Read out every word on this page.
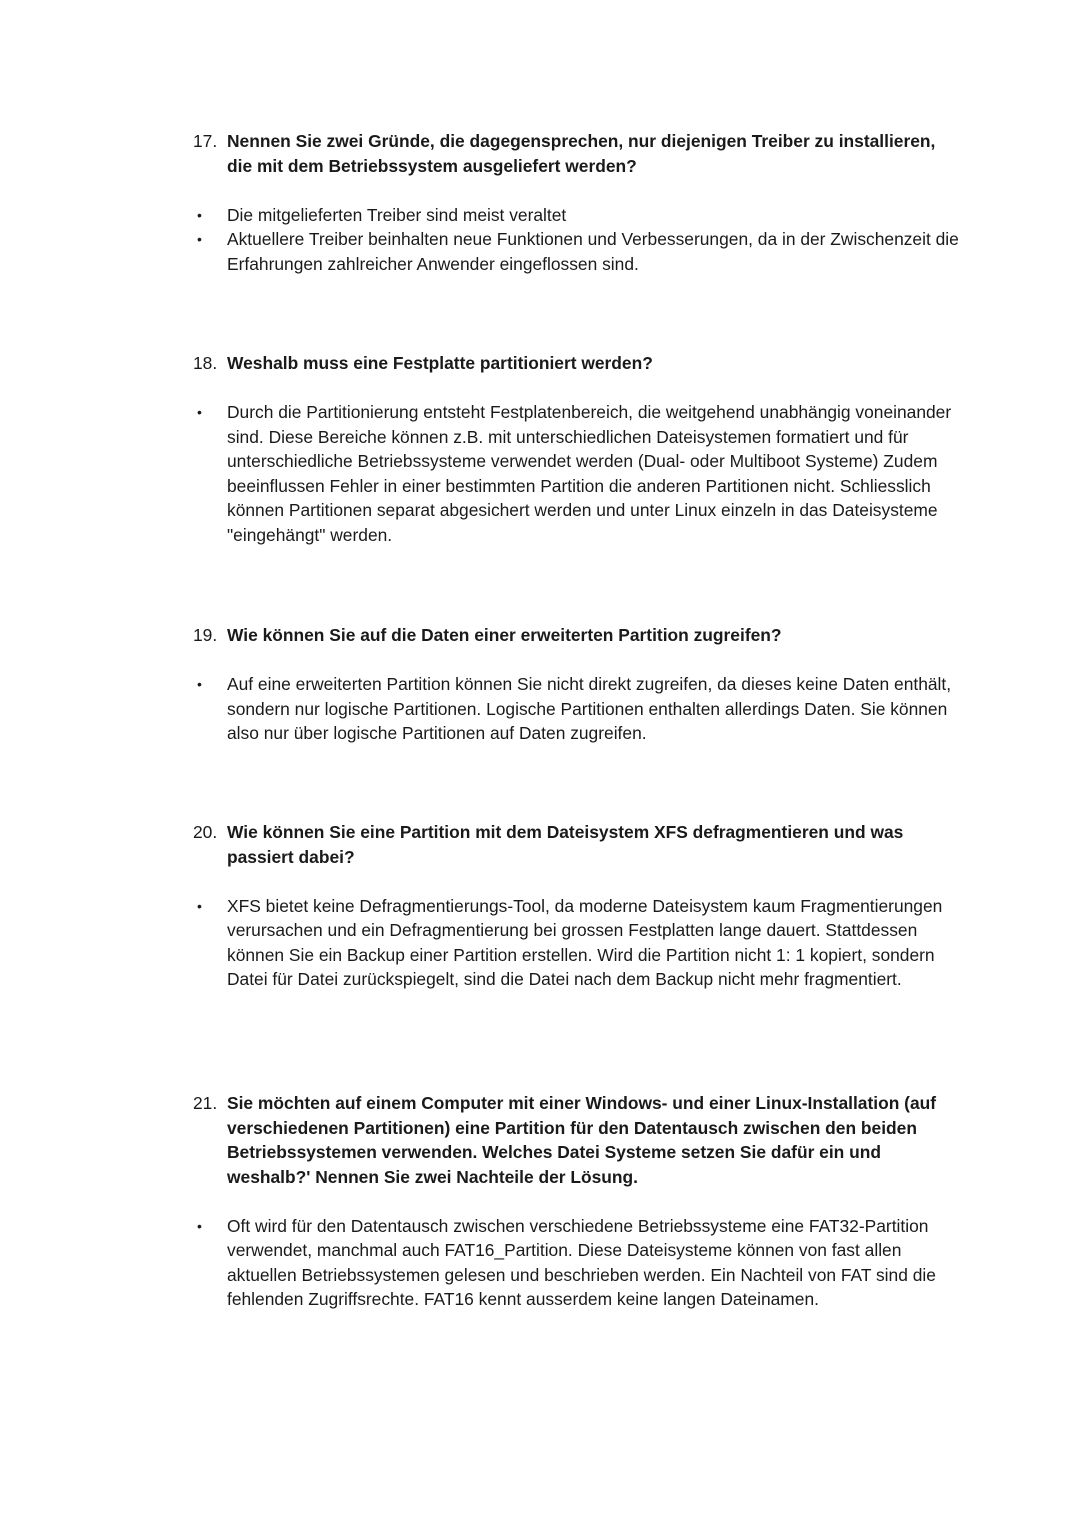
17. Nennen Sie zwei Gründe, die dagegensprechen, nur diejenigen Treiber zu installieren, die mit dem Betriebssystem ausgeliefert werden?

• Die mitgelieferten Treiber sind meist veraltet
• Aktuellere Treiber beinhalten neue Funktionen und Verbesserungen, da in der Zwischenzeit die Erfahrungen zahlreicher Anwender eingeflossen sind.

18. Weshalb muss eine Festplatte partitioniert werden?

• Durch die Partitionierung entsteht Festplatenbereich, die weitgehend unabhängig voneinander sind. Diese Bereiche können z.B. mit unterschiedlichen Dateisystemen formatiert und für unterschiedliche Betriebssysteme verwendet werden (Dual- oder Multiboot Systeme) Zudem beeinflussen Fehler in einer bestimmten Partition die anderen Partitionen nicht. Schliesslich können Partitionen separat abgesichert werden und unter Linux einzeln in das Dateisysteme "eingehängt" werden.

19. Wie können Sie auf die Daten einer erweiterten Partition zugreifen?

• Auf eine erweiterten Partition können Sie nicht direkt zugreifen, da dieses keine Daten enthält, sondern nur logische Partitionen. Logische Partitionen enthalten allerdings Daten. Sie können also nur über logische Partitionen auf Daten zugreifen.

20. Wie können Sie eine Partition mit dem Dateisystem XFS defragmentieren und was passiert dabei?

• XFS bietet keine Defragmentierungs-Tool, da moderne Dateisystem kaum Fragmentierungen verursachen und ein Defragmentierung bei grossen Festplatten lange dauert. Stattdessen können Sie ein Backup einer Partition erstellen. Wird die Partition nicht 1: 1 kopiert, sondern Datei für Datei zurückspiegelt, sind die Datei nach dem Backup nicht mehr fragmentiert.

21. Sie möchten auf einem Computer mit einer Windows- und einer Linux-Installation (auf verschiedenen Partitionen) eine Partition für den Datentausch zwischen den beiden Betriebssystemen verwenden. Welches Datei Systeme setzen Sie dafür ein und weshalb?' Nennen Sie zwei Nachteile der Lösung.

• Oft wird für den Datentausch zwischen verschiedene Betriebssysteme eine FAT32-Partition verwendet, manchmal auch FAT16_Partition. Diese Dateisysteme können von fast allen aktuellen Betriebssystemen gelesen und beschrieben werden. Ein Nachteil von FAT sind die fehlenden Zugriffsrechte. FAT16 kennt ausserdem keine langen Dateinamen.
